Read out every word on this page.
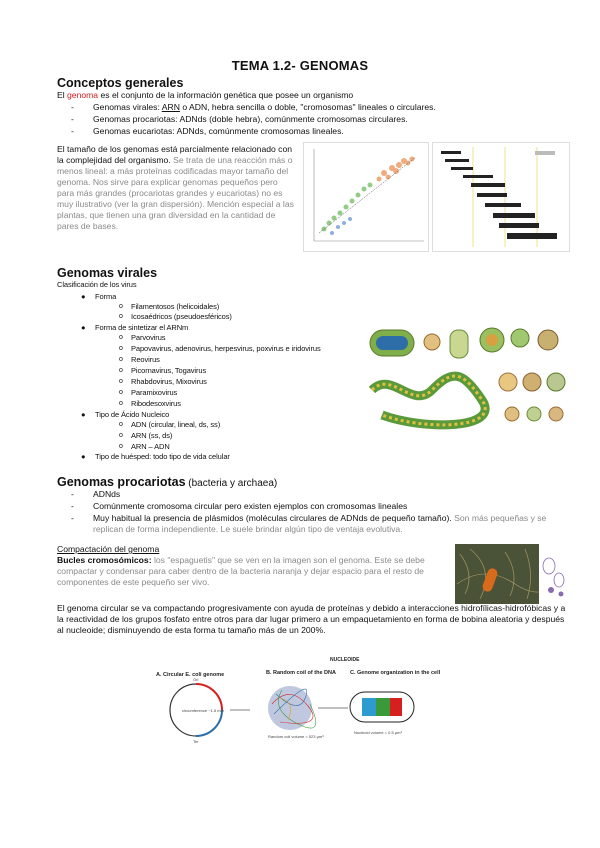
TEMA 1.2- GENOMAS
Conceptos generales
El genoma es el conjunto de la información genética que posee un organismo
- Genomas virales: ARN o ADN, hebra sencilla o doble, "cromosomas" lineales o circulares.
- Genomas procariotas: ADNds (doble hebra), comúnmente cromosomas circulares.
- Genomas eucariotas: ADNds, comúnmente cromosomas lineales.
El tamaño de los genomas está parcialmente relacionado con la complejidad del organismo. Se trata de una reacción más o menos lineal: a más proteínas codificadas mayor tamaño del genoma. Nos sirve para explicar genomas pequeños pero para más grandes (procariotas grandes y eucariotas) no es muy ilustrativo (ver la gran dispersión). Mención especial a las plantas, que tienen una gran diversidad en la cantidad de pares de bases.
Genomas virales
Clasificación de los virus
● Forma
o Filamentosos (helicoidales)
o Icosaédricos (pseudoesféricos)
● Forma de sintetizar el ARNm
o Parvovirus
o Papovavirus, adenovirus, herpesvirus, poxvirus e iridovirus
o Reovirus
o Picornavirus, Togavirus
o Rhabdovirus, Mixovirus
o Paramixovirus
o Ribodesoxvirus
● Tipo de Ácido Nucleico
o ADN (circular, lineal, ds, ss)
o ARN (ss, ds)
o ARN – ADN
● Tipo de huésped: todo tipo de vida celular
Genomas procariotas (bacteria y archaea)
- ADNds
- Comúnmente cromosoma circular pero existen ejemplos con cromosomas lineales
- Muy habitual la presencia de plásmidos (moléculas circulares de ADNds de pequeño tamaño). Son más pequeñas y se replican de forma independiente. Le suele brindar algún tipo de ventaja evolutiva.
Compactación del genoma
Bucles cromosómicos: los "espaguetis" que se ven en la imagen son el genoma. Este se debe compactar y condensar para caber dentro de la bacteria naranja y dejar espacio para el resto de componentes de este pequeño ser vivo.
El genoma circular se va compactando progresivamente con ayuda de proteínas y debido a interacciones hidrofílicas-hidrofóbicas y a la reactividad de los grupos fosfato entre otros para dar lugar primero a un empaquetamiento en forma de bobina aleatoria y después al nucleoide; disminuyendo de esta forma tu tamaño más de un 200%.
NUCLEOIDE
A. Circular E. coli genome	B. Random coil of the DNA	C. Genome organization in the cell
circumference ~1.5 mm
Ori
Ter
Random coil volume = 523 μm³
Nucleoid volume = 0.5 μm³
